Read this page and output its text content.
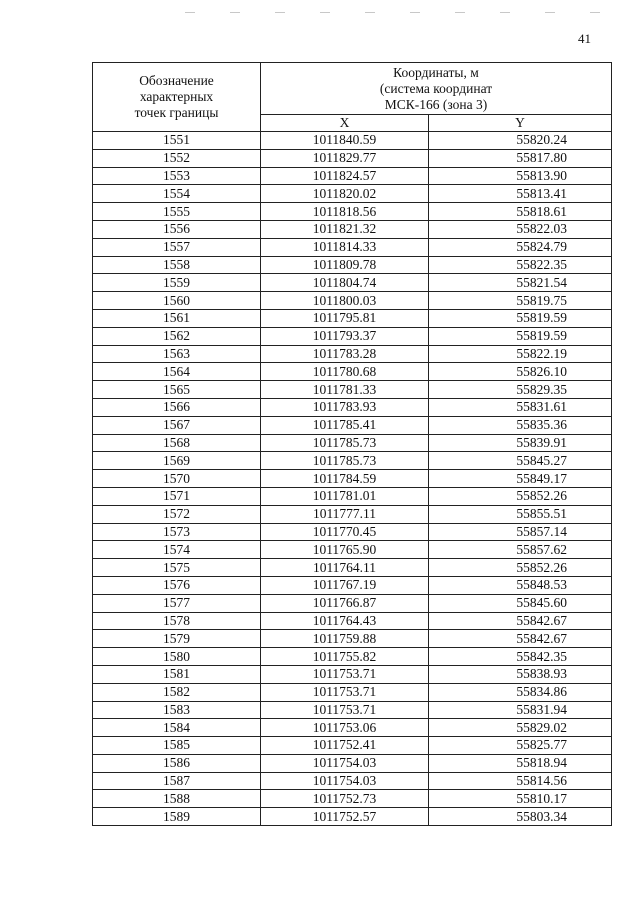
41
Обозначение
характерных
точек границы	Координаты, м
(система координат
МСК-166 (зона 3)	

	X	Y
1551	1011840.59	55820.24
1552	1011829.77	55817.80
1553	1011824.57	55813.90
1554	1011820.02	55813.41
1555	1011818.56	55818.61
1556	1011821.32	55822.03
1557	1011814.33	55824.79
1558	1011809.78	55822.35
1559	1011804.74	55821.54
1560	1011800.03	55819.75
1561	1011795.81	55819.59
1562	1011793.37	55819.59
1563	1011783.28	55822.19
1564	1011780.68	55826.10
1565	1011781.33	55829.35
1566	1011783.93	55831.61
1567	1011785.41	55835.36
1568	1011785.73	55839.91
1569	1011785.73	55845.27
1570	1011784.59	55849.17
1571	1011781.01	55852.26
1572	1011777.11	55855.51
1573	1011770.45	55857.14
1574	1011765.90	55857.62
1575	1011764.11	55852.26
1576	1011767.19	55848.53
1577	1011766.87	55845.60
1578	1011764.43	55842.67
1579	1011759.88	55842.67
1580	1011755.82	55842.35
1581	1011753.71	55838.93
1582	1011753.71	55834.86
1583	1011753.71	55831.94
1584	1011753.06	55829.02
1585	1011752.41	55825.77
1586	1011754.03	55818.94
1587	1011754.03	55814.56
1588	1011752.73	55810.17
1589	1011752.57	55803.34
